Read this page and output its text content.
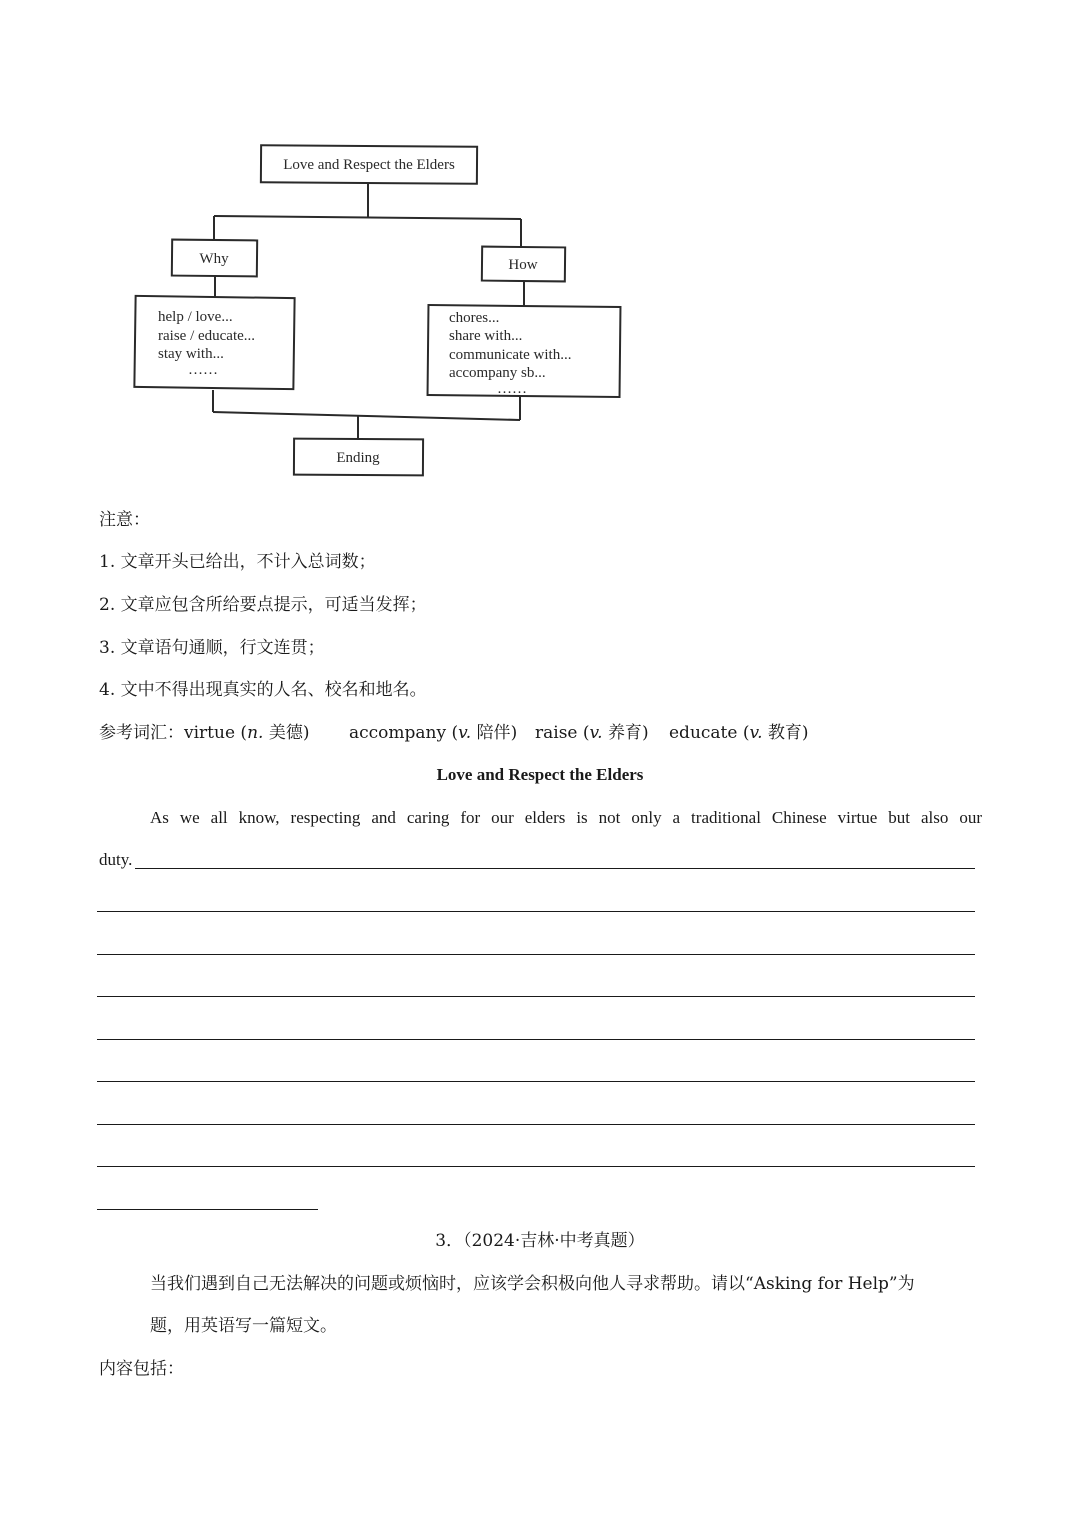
Love and Respect the Elders
Why	How
help / love...
raise / educate...
stay with...
……
chores...
share with...
communicate with...
accompany sb...
……
Ending
注意：
1. 文章开头已给出，不计入总词数；
2. 文章应包含所给要点提示，可适当发挥；
3. 文章语句通顺，行文连贯；
4. 文中不得出现真实的人名、校名和地名。
参考词汇：virtue (n. 美德) accompany (v. 陪伴) raise (v. 养育) educate (v. 教育)
Love and Respect the Elders
As we all know, respecting and caring for our elders is not only a traditional Chinese virtue but also our
duty.
3．（2024·吉林·中考真题）
当我们遇到自己无法解决的问题或烦恼时，应该学会积极向他人寻求帮助。请以“Asking for Help”为
题，用英语写一篇短文。
内容包括：
